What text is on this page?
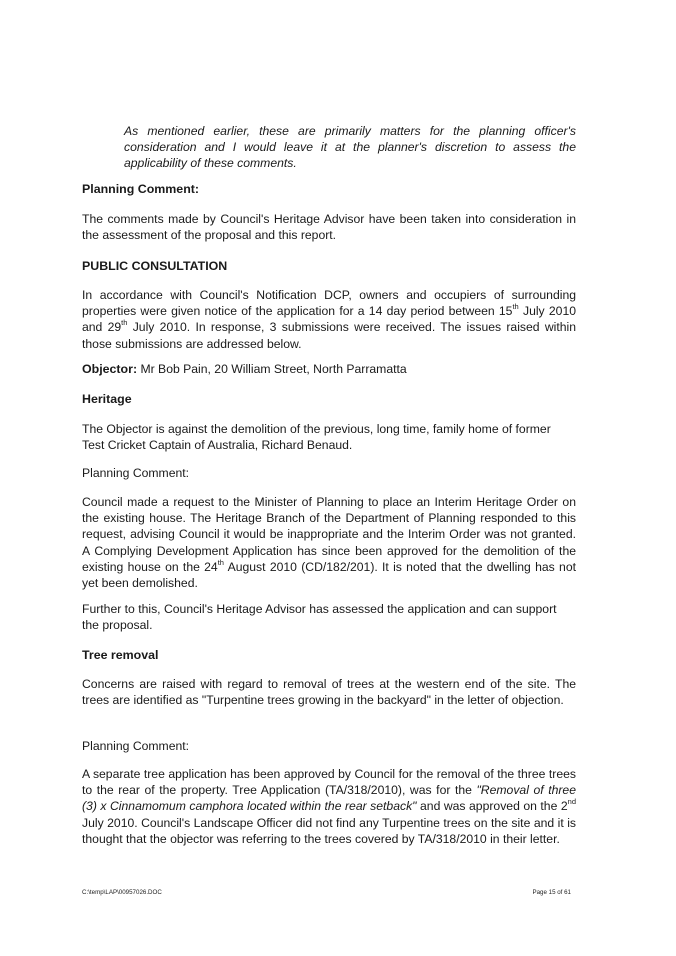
As mentioned earlier, these are primarily matters for the planning officer's consideration and I would leave it at the planner's discretion to assess the applicability of these comments.

Planning Comment:

The comments made by Council's Heritage Advisor have been taken into consideration in the assessment of the proposal and this report.

PUBLIC CONSULTATION

In accordance with Council's Notification DCP, owners and occupiers of surrounding properties were given notice of the application for a 14 day period between 15th July 2010 and 29th July 2010. In response, 3 submissions were received. The issues raised within those submissions are addressed below.

Objector: Mr Bob Pain, 20 William Street, North Parramatta

Heritage

The Objector is against the demolition of the previous, long time, family home of former Test Cricket Captain of Australia, Richard Benaud.

Planning Comment:

Council made a request to the Minister of Planning to place an Interim Heritage Order on the existing house. The Heritage Branch of the Department of Planning responded to this request, advising Council it would be inappropriate and the Interim Order was not granted. A Complying Development Application has since been approved for the demolition of the existing house on the 24th August 2010 (CD/182/201). It is noted that the dwelling has not yet been demolished.

Further to this, Council's Heritage Advisor has assessed the application and can support the proposal.

Tree removal

Concerns are raised with regard to removal of trees at the western end of the site. The trees are identified as "Turpentine trees growing in the backyard" in the letter of objection.

Planning Comment:

A separate tree application has been approved by Council for the removal of the three trees to the rear of the property. Tree Application (TA/318/2010), was for the "Removal of three (3) x Cinnamomum camphora located within the rear setback" and was approved on the 2nd July 2010. Council's Landscape Officer did not find any Turpentine trees on the site and it is thought that the objector was referring to the trees covered by TA/318/2010 in their letter.

C:\temp\LAP\00957026.DOC	Page 15 of 61
